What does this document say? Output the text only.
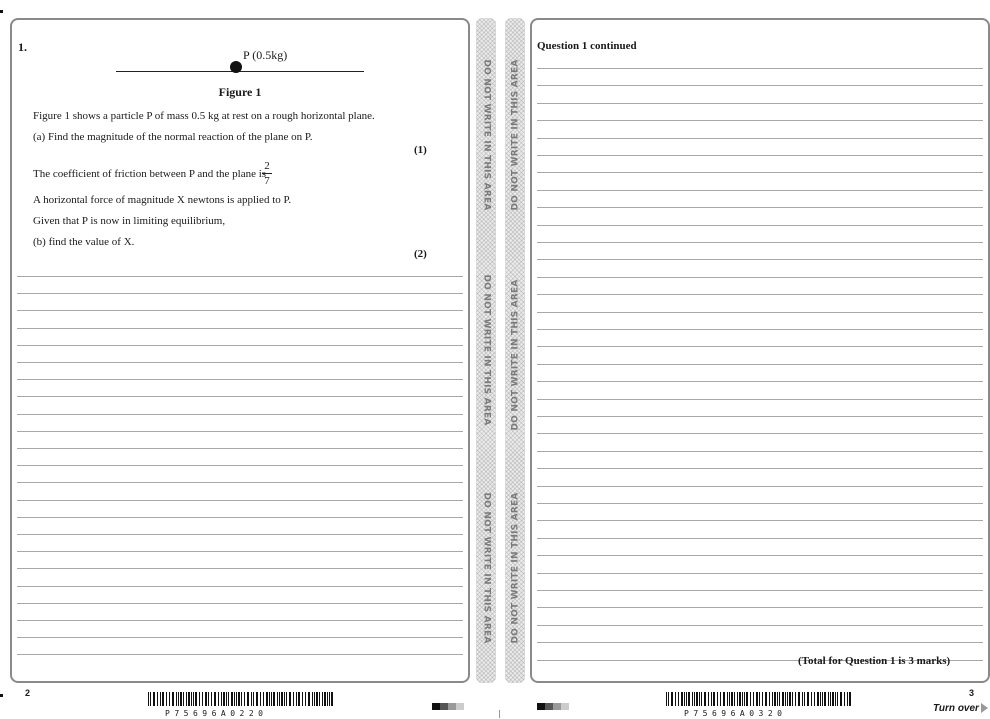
1.
P (0.5kg)
Figure 1
Figure 1 shows a particle P of mass 0.5 kg at rest on a rough horizontal plane.
(a) Find the magnitude of the normal reaction of the plane on P.
(1)
The coefficient of friction between P and the plane is
2
7
A horizontal force of magnitude X newtons is applied to P.
Given that P is now in limiting equilibrium,
(b) find the value of X.
(2)
DO NOT WRITE IN THIS AREA
DO NOT WRITE IN THIS AREA
DO NOT WRITE IN THIS AREA
DO NOT WRITE IN THIS AREA
DO NOT WRITE IN THIS AREA
DO NOT WRITE IN THIS AREA
Question 1 continued
(Total for Question 1 is 3 marks)
2	3
P75696A0220	P75696A0320	Turn over
